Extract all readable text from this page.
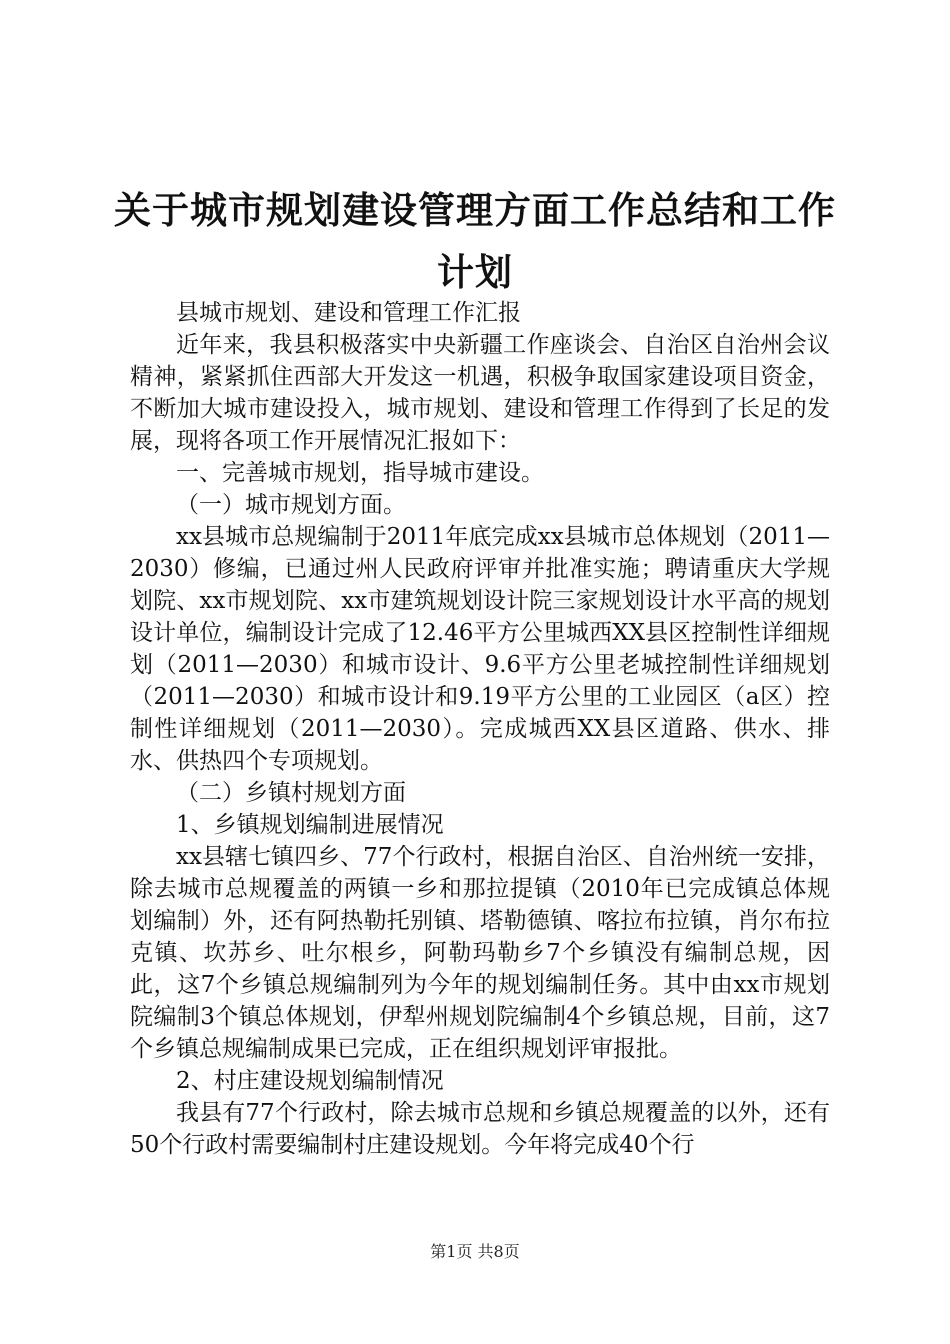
关于城市规划建设管理方面工作总结和工作计划

县城市规划、建设和管理工作汇报

近年来，我县积极落实中央新疆工作座谈会、自治区自治州会议精神，紧紧抓住西部大开发这一机遇，积极争取国家建设项目资金，不断加大城市建设投入，城市规划、建设和管理工作得到了长足的发展，现将各项工作开展情况汇报如下：

一、完善城市规划，指导城市建设。

（一）城市规划方面。

xx县城市总规编制于2011年底完成xx县城市总体规划（2011—2030）修编，已通过州人民政府评审并批准实施；聘请重庆大学规划院、xx市规划院、xx市建筑规划设计院三家规划设计水平高的规划设计单位，编制设计完成了12.46平方公里城西XX县区控制性详细规划（2011—2030）和城市设计、9.6平方公里老城控制性详细规划（2011—2030）和城市设计和9.19平方公里的工业园区（a区）控制性详细规划（2011—2030）。完成城西XX县区道路、供水、排水、供热四个专项规划。

（二）乡镇村规划方面

1、乡镇规划编制进展情况

xx县辖七镇四乡、77个行政村，根据自治区、自治州统一安排，除去城市总规覆盖的两镇一乡和那拉提镇（2010年已完成镇总体规划编制）外，还有阿热勒托别镇、塔勒德镇、喀拉布拉镇，肖尔布拉克镇、坎苏乡、吐尔根乡，阿勒玛勒乡7个乡镇没有编制总规，因此，这7个乡镇总规编制列为今年的规划编制任务。其中由xx市规划院编制3个镇总体规划，伊犁州规划院编制4个乡镇总规，目前，这7个乡镇总规编制成果已完成，正在组织规划评审报批。

2、村庄建设规划编制情况

我县有77个行政村，除去城市总规和乡镇总规覆盖的以外，还有50个行政村需要编制村庄建设规划。今年将完成40个行

第1页 共8页
